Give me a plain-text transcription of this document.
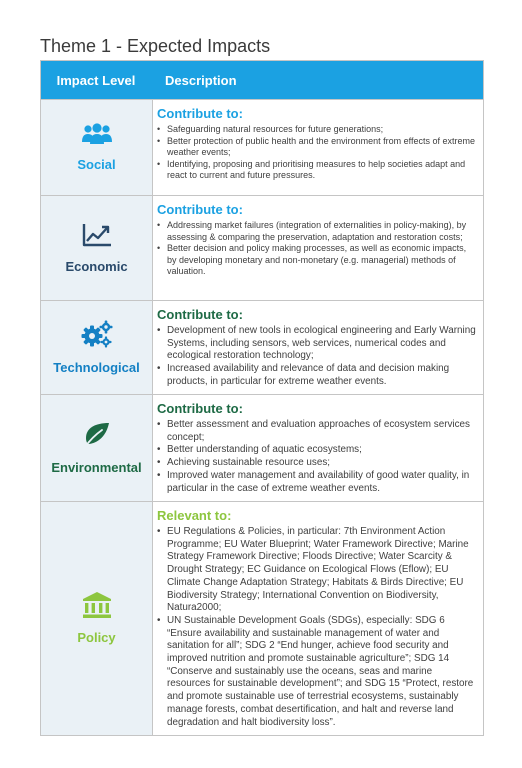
Theme 1 - Expected Impacts
Impact Level	Description
Social
Contribute to:
• Safeguarding natural resources for future generations;
• Better protection of public health and the environment from effects of extreme weather events;
• Identifying, proposing and prioritising measures to help societies adapt and react to current and future pressures.
Economic
Contribute to:
• Addressing market failures (integration of externalities in policy-making), by assessing & comparing the preservation, adaptation and restoration costs;
• Better decision and policy making processes, as well as economic impacts, by developing monetary and non-monetary (e.g. managerial) methods of valuation.
Technological
Contribute to:
• Development of new tools in ecological engineering and Early Warning Systems, including sensors, web services, numerical codes and ecological restoration technology;
• Increased availability and relevance of data and decision making products, in particular for extreme weather events.
Environmental
Contribute to:
• Better assessment and evaluation approaches of ecosystem services concept;
• Better understanding of aquatic ecosystems;
• Achieving sustainable resource uses;
• Improved water management and availability of good water quality, in particular in the case of extreme weather events.
Policy
Relevant to:
• EU Regulations & Policies, in particular: 7th Environment Action Programme; EU Water Blueprint; Water Framework Directive; Marine Strategy Framework Directive; Floods Directive; Water Scarcity & Drought Strategy; EC Guidance on Ecological Flows (Eflow); EU Climate Change Adaptation Strategy; Habitats & Birds Directive; EU Biodiversity Strategy; International Convention on Biodiversity, Natura2000;
• UN Sustainable Development Goals (SDGs), especially: SDG 6 “Ensure availability and sustainable management of water and sanitation for all”; SDG 2 “End hunger, achieve food security and improved nutrition and promote sustainable agriculture”; SDG 14 “Conserve and sustainably use the oceans, seas and marine resources for sustainable development”; and SDG 15 “Protect, restore and promote sustainable use of terrestrial ecosystems, sustainably manage forests, combat desertification, and halt and reverse land degradation and halt biodiversity loss”.
